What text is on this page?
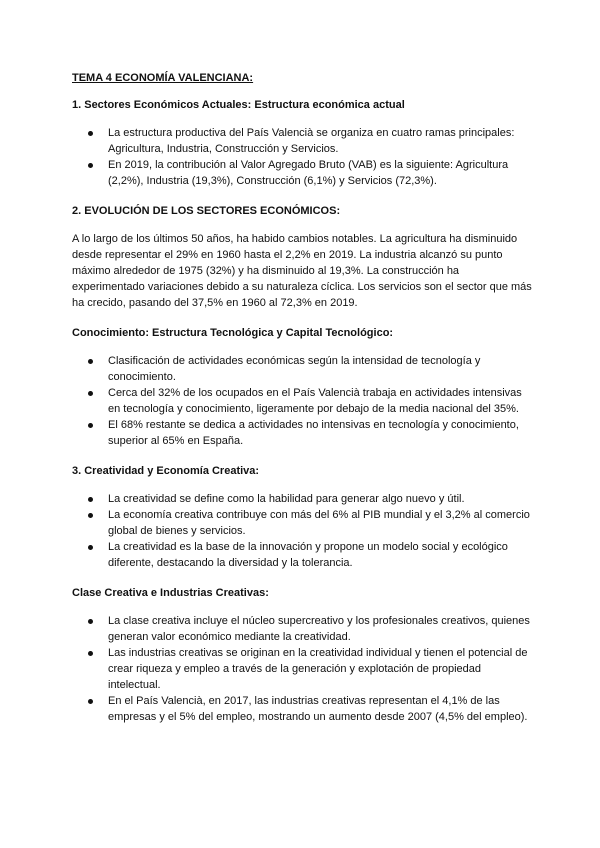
TEMA 4 ECONOMÍA VALENCIANA:

1. Sectores Económicos Actuales: Estructura económica actual

La estructura productiva del País Valencià se organiza en cuatro ramas principales: Agricultura, Industria, Construcción y Servicios.
En 2019, la contribución al Valor Agregado Bruto (VAB) es la siguiente: Agricultura (2,2%), Industria (19,3%), Construcción (6,1%) y Servicios (72,3%).

2. EVOLUCIÓN DE LOS SECTORES ECONÓMICOS:

A lo largo de los últimos 50 años, ha habido cambios notables. La agricultura ha disminuido desde representar el 29% en 1960 hasta el 2,2% en 2019. La industria alcanzó su punto máximo alrededor de 1975 (32%) y ha disminuido al 19,3%. La construcción ha experimentado variaciones debido a su naturaleza cíclica. Los servicios son el sector que más ha crecido, pasando del 37,5% en 1960 al 72,3% en 2019.

Conocimiento: Estructura Tecnológica y Capital Tecnológico:

Clasificación de actividades económicas según la intensidad de tecnología y conocimiento.
Cerca del 32% de los ocupados en el País Valencià trabaja en actividades intensivas en tecnología y conocimiento, ligeramente por debajo de la media nacional del 35%.
El 68% restante se dedica a actividades no intensivas en tecnología y conocimiento, superior al 65% en España.

3. Creatividad y Economía Creativa:

La creatividad se define como la habilidad para generar algo nuevo y útil.
La economía creativa contribuye con más del 6% al PIB mundial y el 3,2% al comercio global de bienes y servicios.
La creatividad es la base de la innovación y propone un modelo social y ecológico diferente, destacando la diversidad y la tolerancia.

Clase Creativa e Industrias Creativas:

La clase creativa incluye el núcleo supercreativo y los profesionales creativos, quienes generan valor económico mediante la creatividad.
Las industrias creativas se originan en la creatividad individual y tienen el potencial de crear riqueza y empleo a través de la generación y explotación de propiedad intelectual.
En el País Valencià, en 2017, las industrias creativas representan el 4,1% de las empresas y el 5% del empleo, mostrando un aumento desde 2007 (4,5% del empleo).
